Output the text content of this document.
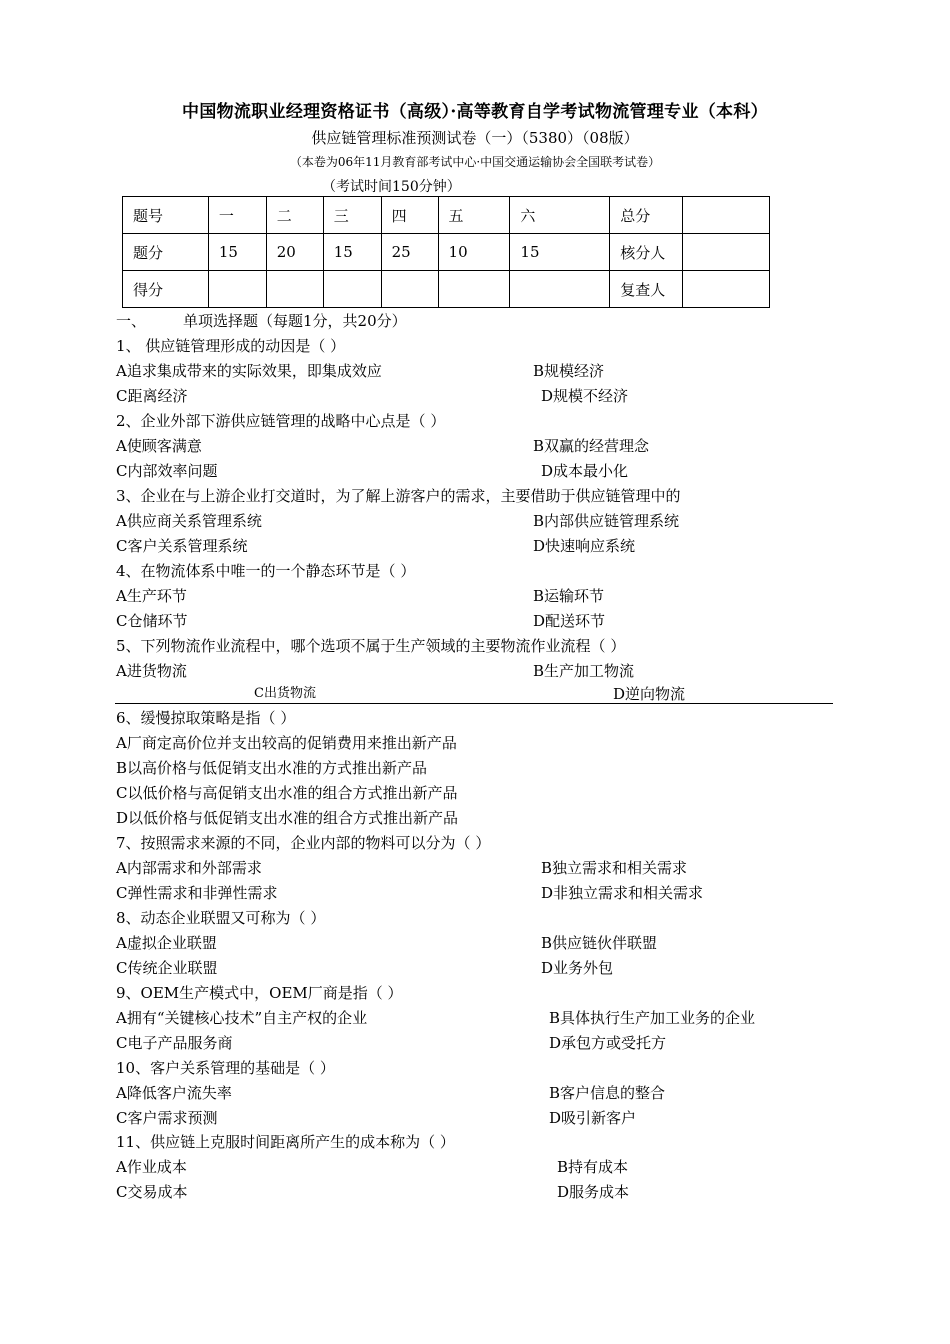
中国物流职业经理资格证书（高级）·高等教育自学考试物流管理专业（本科）
供应链管理标准预测试卷（一）（5380）（08版）
（本卷为06年11月教育部考试中心·中国交通运输协会全国联考试卷）
（考试时间150分钟）
题号	一	二	三	四	五	六	总分	
题分	15	20	15	25	10	15	核分人	
得分							复查人	
一、 单项选择题（每题1分，共20分）
1、 供应链管理形成的动因是（ ）
A追求集成带来的实际效果，即集成效应	B规模经济
C距离经济	D规模不经济
2、企业外部下游供应链管理的战略中心点是（ ）
A使顾客满意	B双赢的经营理念
C内部效率问题	D成本最小化
3、企业在与上游企业打交道时，为了解上游客户的需求，主要借助于供应链管理中的
A供应商关系管理系统	B内部供应链管理系统
C客户关系管理系统	D快速响应系统
4、在物流体系中唯一的一个静态环节是（ ）
A生产环节	B运输环节
C仓储环节	D配送环节
5、下列物流作业流程中，哪个选项不属于生产领域的主要物流作业流程（ ）
A进货物流	B生产加工物流
C出货物流	D逆向物流
6、缓慢掠取策略是指（ ）
A厂商定高价位并支出较高的促销费用来推出新产品
B以高价格与低促销支出水准的方式推出新产品
C以低价格与高促销支出水准的组合方式推出新产品
D以低价格与低促销支出水准的组合方式推出新产品
7、按照需求来源的不同，企业内部的物料可以分为（ ）
A内部需求和外部需求	B独立需求和相关需求
C弹性需求和非弹性需求	D非独立需求和相关需求
8、动态企业联盟又可称为（ ）
A虚拟企业联盟	B供应链伙伴联盟
C传统企业联盟	D业务外包
9、OEM生产模式中，OEM厂商是指（ ）
A拥有“关键核心技术”自主产权的企业	B具体执行生产加工业务的企业
C电子产品服务商	D承包方或受托方
10、客户关系管理的基础是（ ）
A降低客户流失率	B客户信息的整合
C客户需求预测	D吸引新客户
11、供应链上克服时间距离所产生的成本称为（ ）
A作业成本	B持有成本
C交易成本	D服务成本
